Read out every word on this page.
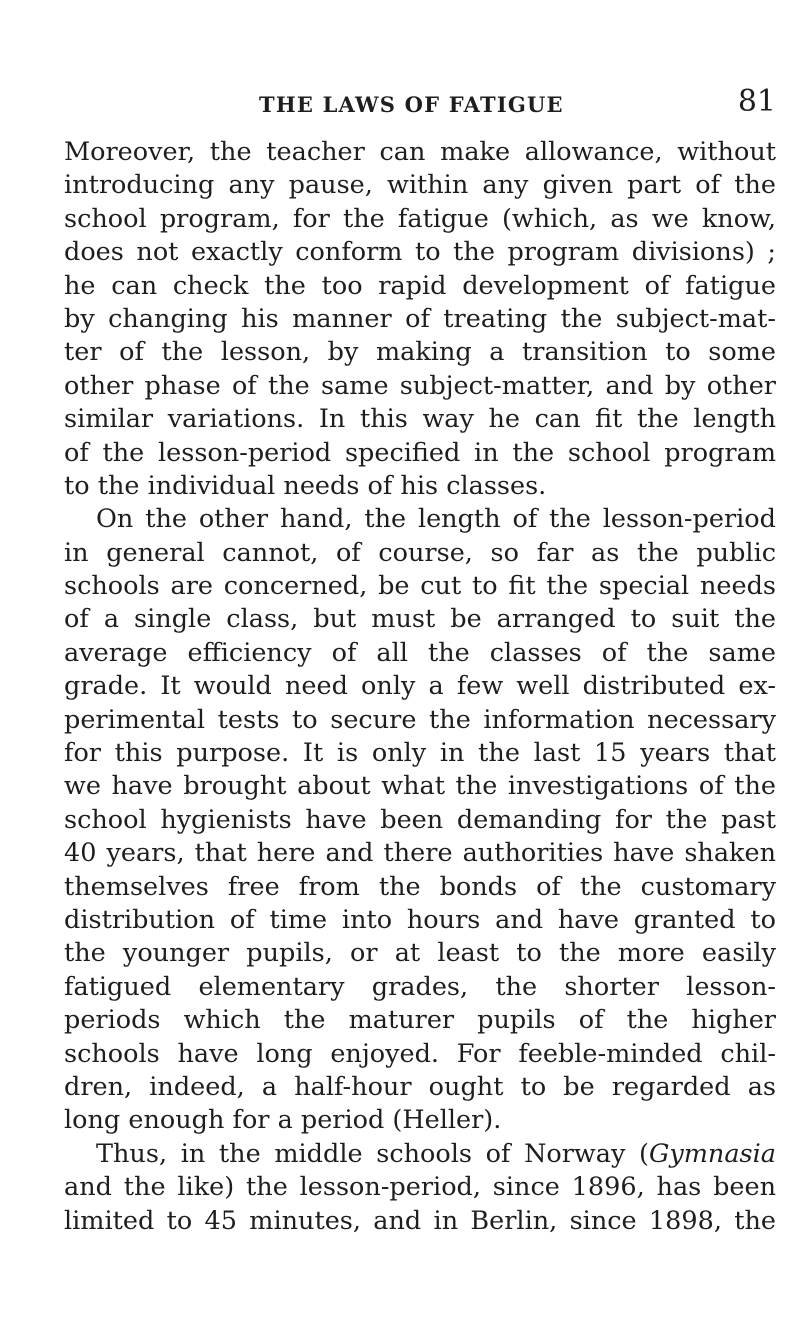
THE LAWS OF FATIGUE	81
Moreover, the teacher can make allowance, without
introducing any pause, within any given part of the
school program, for the fatigue (which, as we know,
does not exactly conform to the program divisions) ;
he can check the too rapid development of fatigue
by changing his manner of treating the subject-mat-
ter of the lesson, by making a transition to some
other phase of the same subject-matter, and by other
similar variations. In this way he can fit the length
of the lesson-period specified in the school program
to the individual needs of his classes.
On the other hand, the length of the lesson-period
in general cannot, of course, so far as the public
schools are concerned, be cut to fit the special needs
of a single class, but must be arranged to suit the
average efficiency of all the classes of the same
grade. It would need only a few well distributed ex-
perimental tests to secure the information necessary
for this purpose. It is only in the last 15 years that
we have brought about what the investigations of the
school hygienists have been demanding for the past
40 years, that here and there authorities have shaken
themselves free from the bonds of the customary
distribution of time into hours and have granted to
the younger pupils, or at least to the more easily
fatigued elementary grades, the shorter lesson-
periods which the maturer pupils of the higher
schools have long enjoyed. For feeble-minded chil-
dren, indeed, a half-hour ought to be regarded as
long enough for a period (Heller).
Thus, in the middle schools of Norway (Gymnasia
and the like) the lesson-period, since 1896, has been
limited to 45 minutes, and in Berlin, since 1898, the
